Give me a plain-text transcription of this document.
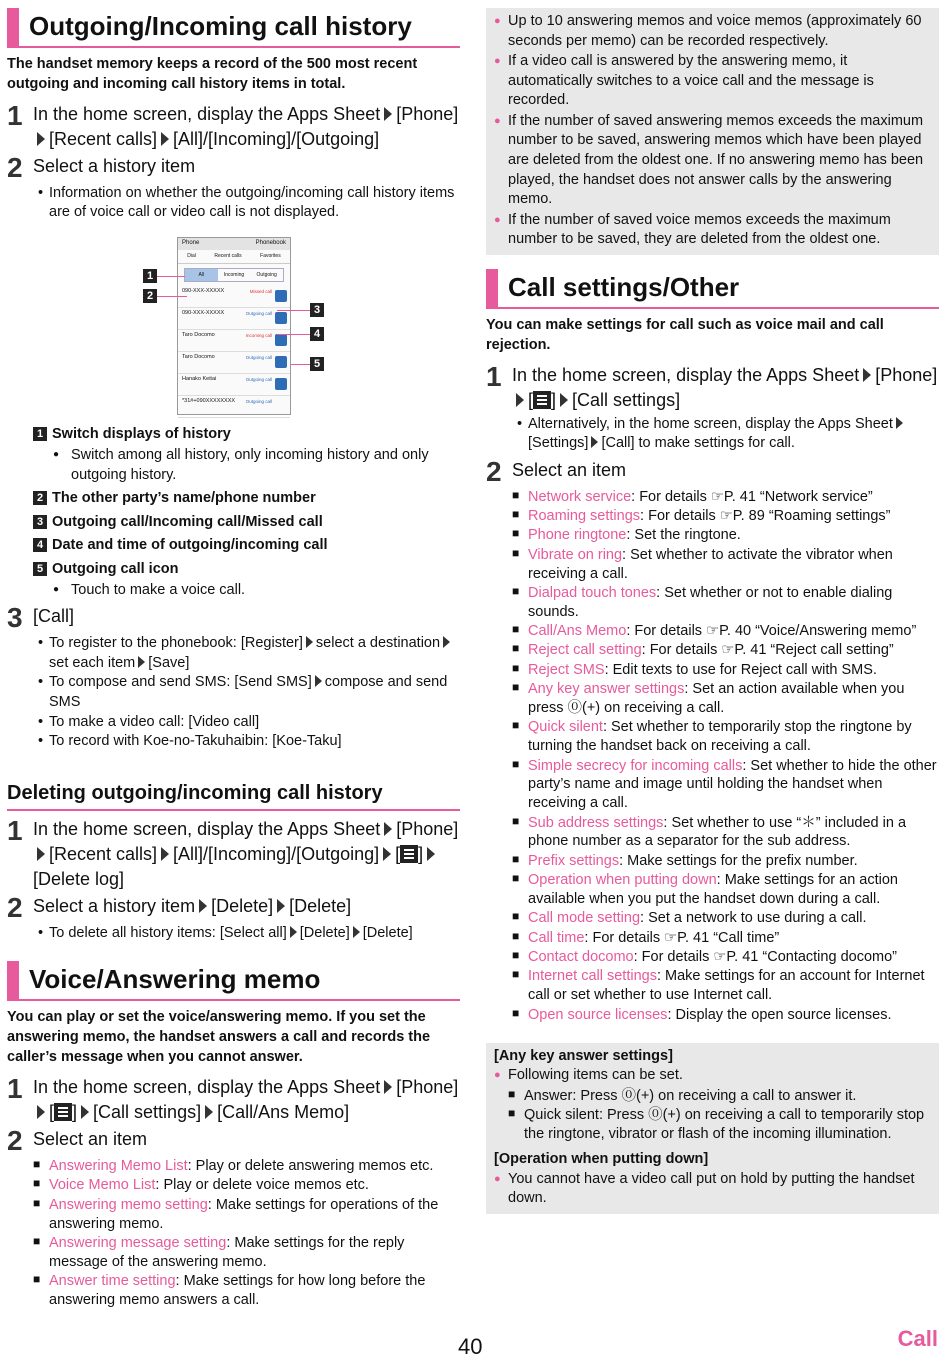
Outgoing/Incoming call history

The handset memory keeps a record of the 500 most recent outgoing and incoming call history items in total.

1 In the home screen, display the Apps Sheet [Phone][Recent calls] [All]/[Incoming]/[Outgoing]
2 Select a history item
• Information on whether the outgoing/incoming call history items are of voice call or video call is not displayed.
Phone	Phonebook
Dial	Recent calls	Favorites
All	Incoming	Outgoing
090-XXX-XXXXX	Missed call
090-XXX-XXXXX	Outgoing call
Taro Docomo	Incoming call
Taro Docomo	Outgoing call
Hanako Keitai	Outgoing call
*31#+090XXXXXXXX Outgoing call
1
2
3
4
5
1 Switch displays of history
● Switch among all history, only incoming history and only outgoing history.
2 The other party’s name/phone number
3 Outgoing call/Incoming call/Missed call
4 Date and time of outgoing/incoming call
5 Outgoing call icon
● Touch to make a voice call.
3 [Call]
• To register to the phonebook: [Register] select a destinationset each item [Save]
• To compose and send SMS: [Send SMS] compose and send SMS
• To make a video call: [Video call]
• To record with Koe-no-Takuhaibin: [Koe-Taku]
Deleting outgoing/incoming call history
1 In the home screen, display the Apps Sheet [Phone][Recent calls] [All]/[Incoming]/[Outgoing] [ ][Delete log]
2 Select a history item [Delete] [Delete]
• To delete all history items: [Select all] [Delete] [Delete]
Voice/Answering memo

You can play or set the voice/answering memo. If you set the answering memo, the handset answers a call and records the caller’s message when you cannot answer.

1 In the home screen, display the Apps Sheet [Phone][ ] [Call settings] [Call/Ans Memo]
2 Select an item
■ Answering Memo List: Play or delete answering memos etc.
■ Voice Memo List: Play or delete voice memos etc.
■ Answering memo setting: Make settings for operations of the answering memo.
■ Answering message setting: Make settings for the reply message of the answering memo.
■ Answer time setting: Make settings for how long before the answering memo answers a call.
● Up to 10 answering memos and voice memos (approximately 60 seconds per memo) can be recorded respectively.
● If a video call is answered by the answering memo, it automatically switches to a voice call and the message is recorded.
● If the number of saved answering memos exceeds the maximum number to be saved, answering memos which have been played are deleted from the oldest one. If no answering memo has been played, the handset does not answer calls by the answering memo.
● If the number of saved voice memos exceeds the maximum number to be saved, they are deleted from the oldest one.
Call settings/Other

You can make settings for call such as voice mail and call rejection.

1 In the home screen, display the Apps Sheet [Phone][ ] [Call settings]
• Alternatively, in the home screen, display the Apps Sheet[Settings] [Call] to make settings for call.
2 Select an item
■ Network service: For details ☞P. 41 “Network service”
■ Roaming settings: For details ☞P. 89 “Roaming settings”
■ Phone ringtone: Set the ringtone.
■ Vibrate on ring: Set whether to activate the vibrator when receiving a call.
■ Dialpad touch tones: Set whether or not to enable dialing sounds.
■ Call/Ans Memo: For details ☞P. 40 “Voice/Answering memo”
■ Reject call setting: For details ☞P. 41 “Reject call setting”
■ Reject SMS: Edit texts to use for Reject call with SMS.
■ Any key answer settings: Set an action available when you press ⓪(+) on receiving a call.
■ Quick silent: Set whether to temporarily stop the ringtone by turning the handset back on receiving a call.
■ Simple secrecy for incoming calls: Set whether to hide the other party’s name and image until holding the handset when receiving a call.
■ Sub address settings: Set whether to use “＊” included in a phone number as a separator for the sub address.
■ Prefix settings: Make settings for the prefix number.
■ Operation when putting down: Make settings for an action available when you put the handset down during a call.
■ Call mode setting: Set a network to use during a call.
■ Call time: For details ☞P. 41 “Call time”
■ Contact docomo: For details ☞P. 41 “Contacting docomo”
■ Internet call settings: Make settings for an account for Internet call or set whether to use Internet call.
■ Open source licenses: Display the open source licenses.
[Any key answer settings]
● Following items can be set.
■ Answer: Press ⓪(+) on receiving a call to answer it.
■ Quick silent: Press ⓪(+) on receiving a call to temporarily stop the ringtone, vibrator or flash of the incoming illumination.
[Operation when putting down]
● You cannot have a video call put on hold by putting the handset down.
40	Call
